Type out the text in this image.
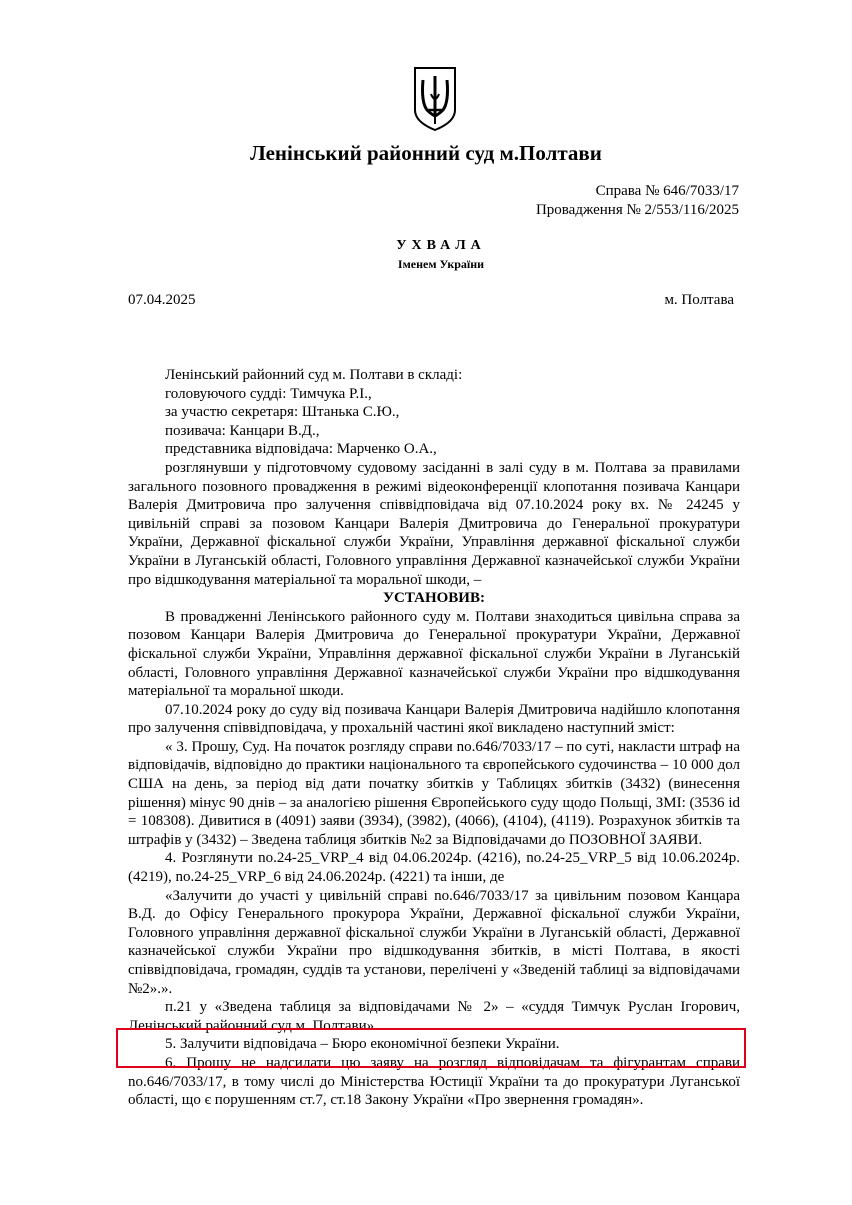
Ленінський районний суд м.Полтави
Справа № 646/7033/17
Провадження № 2/553/116/2025
УХВАЛА
Іменем України
07.04.2025	м. Полтава

Ленінський районний суд м. Полтави в складі:

головуючого судді: Тимчука Р.І.,

за участю секретаря: Штанька С.Ю.,

позивача: Канцари В.Д.,

представника відповідача: Марченко О.А.,

розглянувши у підготовчому судовому засіданні в залі суду в м. Полтава за правилами загального позовного провадження в режимі відеоконференції клопотання позивача Канцари Валерія Дмитровича про залучення співвідповідача від 07.10.2024 року вх. № 24245 у цивільній справі за позовом Канцари Валерія Дмитровича до Генеральної прокуратури України, Державної фіскальної служби України, Управління державної фіскальної служби України в Луганській області, Головного управління Державної казначейської служби України про відшкодування матеріальної та моральної шкоди, –

УСТАНОВИВ:

В провадженні Ленінського районного суду м. Полтави знаходиться цивільна справа за позовом Канцари Валерія Дмитровича до Генеральної прокуратури України, Державної фіскальної служби України, Управління державної фіскальної служби України в Луганській області, Головного управління Державної казначейської служби України про відшкодування матеріальної та моральної шкоди.

07.10.2024 року до суду від позивача Канцари Валерія Дмитровича надійшло клопотання про залучення співвідповідача, у прохальній частині якої викладено наступний зміст:

« 3. Прошу, Суд. На початок розгляду справи no.646/7033/17 – по суті, накласти штраф на відповідачів, відповідно до практики національного та європейського судочинства – 10 000 дол США на день, за період від дати початку збитків у Таблицях збитків (3432) (винесення рішення) мінус 90 днів – за аналогією рішення Європейського суду щодо Польщі, ЗМІ: (3536 id = 108308). Дивитися в (4091) заяви (3934), (3982), (4066), (4104), (4119). Розрахунок збитків та штрафів у (3432) – Зведена таблиця збитків №2 за Відповідачами до ПОЗОВНОЇ ЗАЯВИ.

4. Розглянути no.24-25_VRP_4 від 04.06.2024р. (4216), no.24-25_VRP_5 від 10.06.2024р. (4219), no.24-25_VRP_6 від 24.06.2024р. (4221) та інши, де

«Залучити до участі у цивільній справі no.646/7033/17 за цивільним позовом Канцара В.Д. до Офісу Генерального прокурора України, Державної фіскальної служби України, Головного управління державної фіскальної служби України в Луганській області, Державної казначейської служби України про відшкодування збитків, в місті Полтава, в якості співвідповідача, громадян, суддів та установи, перелічені у «Зведеній таблиці за відповідачами №2».».

п.21 у «Зведена таблиця за відповідачами № 2» – «суддя Тимчук Руслан Ігорович, Ленінський районний суд м. Полтави».

5. Залучити відповідача – Бюро економічної безпеки України.

6. Прошу не надсилати цю заяву на розгляд відповідачам та фігурантам справи no.646/7033/17, в тому числі до Міністерства Юстиції України та до прокуратури Луганської області, що є порушенням ст.7, ст.18 Закону України «Про звернення громадян».
